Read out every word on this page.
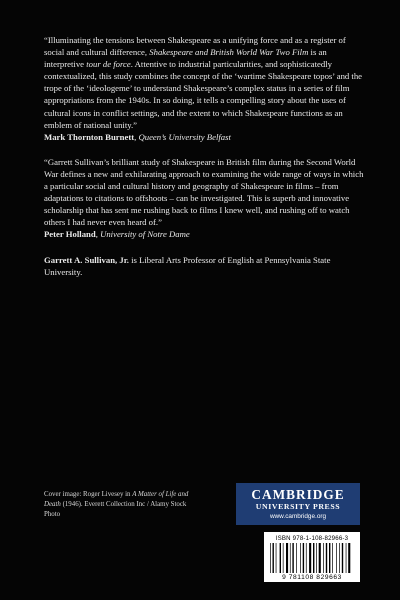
“Illuminating the tensions between Shakespeare as a unifying force and as a register of social and cultural difference, Shakespeare and British World War Two Film is an interpretive tour de force. Attentive to industrial particularities, and sophisticatedly contextualized, this study combines the concept of the ‘wartime Shakespeare topos’ and the trope of the ‘ideologeme’ to understand Shakespeare’s complex status in a series of film appropriations from the 1940s. In so doing, it tells a compelling story about the uses of cultural icons in conflict settings, and the extent to which Shakespeare functions as an emblem of national unity.”

Mark Thornton Burnett, Queen’s University Belfast

“Garrett Sullivan’s brilliant study of Shakespeare in British film during the Second World War defines a new and exhilarating approach to examining the wide range of ways in which a particular social and cultural history and geography of Shakespeare in films – from adaptations to citations to offshoots – can be investigated. This is superb and innovative scholarship that has sent me rushing back to films I knew well, and rushing off to watch others I had never even heard of.”

Peter Holland, University of Notre Dame

Garrett A. Sullivan, Jr. is Liberal Arts Professor of English at Pennsylvania State University.

Cover image: Roger Livesey in A Matter of Life and Death (1946). Everett Collection Inc / Alamy Stock Photo
CAMBRIDGE
UNIVERSITY PRESS
www.cambridge.org
ISBN 978-1-108-82966-3
9 781108 829663
